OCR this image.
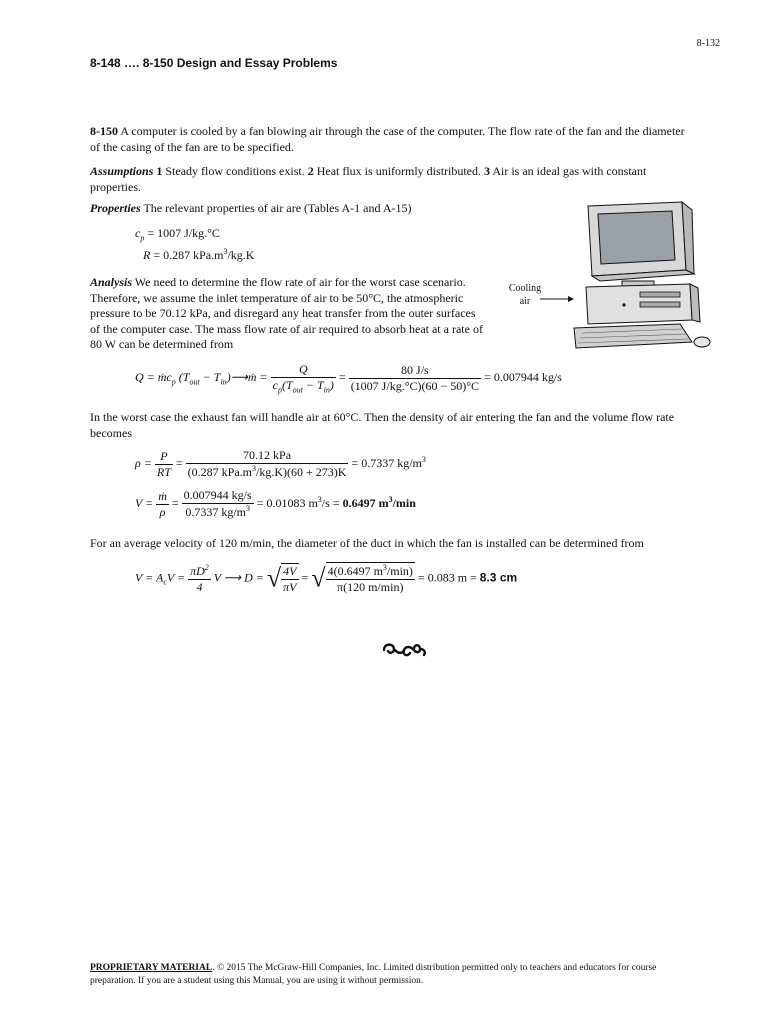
8-132
8-148 …. 8-150 Design and Essay Problems
8-150 A computer is cooled by a fan blowing air through the case of the computer. The flow rate of the fan and the diameter of the casing of the fan are to be specified.
Assumptions 1 Steady flow conditions exist. 2 Heat flux is uniformly distributed. 3 Air is an ideal gas with constant properties.
Properties The relevant properties of air are (Tables A-1 and A-15)
$c_p = 1007$ J/kg.°C
R = 0.287 $kPa.m^3/kg.K$
Analysis We need to determine the flow rate of air for the worst case scenario. Therefore, we assume the inlet temperature of air to be 50°C, the atmospheric pressure to be 70.12 kPa, and disregard any heat transfer from the outer surfaces of the computer case. The mass flow rate of air required to absorb heat at a rate of 80 W can be determined from
Cooling
air
Q = ṁc$_p$ ($T_{out}$ − $T_{in})⟶ṁ = \frac{Q}{c_p(T_{out} - T_{in})} = \frac{80 J/s}{(1007 J/kg.^\circ C)(60 - 50)^\circ C} = 0.007944$ kg/s
In the worst case the exhaust fan will handle air at 60°C. Then the density of air entering the fan and the volume flow rate becomes
$\rho = \frac{P}{RT} = \frac{\text{70.12 kPa}}{(0.287 kPa.m^3/kg.K)(60 + 273)K} = 0.7337$ $kg/m^3$
$V = \frac{\text{ṁ}}{\rho} = \frac{0.007944 kg/s}{0.7337 kg/m^3} = 0.01083$ $m^3/s = 0.6497$ $m^3/\min$
For an average velocity of 120 m/min, the diameter of the duct in which the fan is installed can be determined from
$V = A_cV = \frac{\pi D^2}{4}$ V ⟶ D = √ $\frac{4V}{\pi V}$ = √ $\frac{4(0.6497 m^3/\min)}{\pi(120 m/\min)} = 0.083$ m = 8.3 cm
PROPRIETARY MATERIAL. © 2015 The McGraw-Hill Companies, Inc. Limited distribution permitted only to teachers and educators for course preparation. If you are a student using this Manual, you are using it without permission.
